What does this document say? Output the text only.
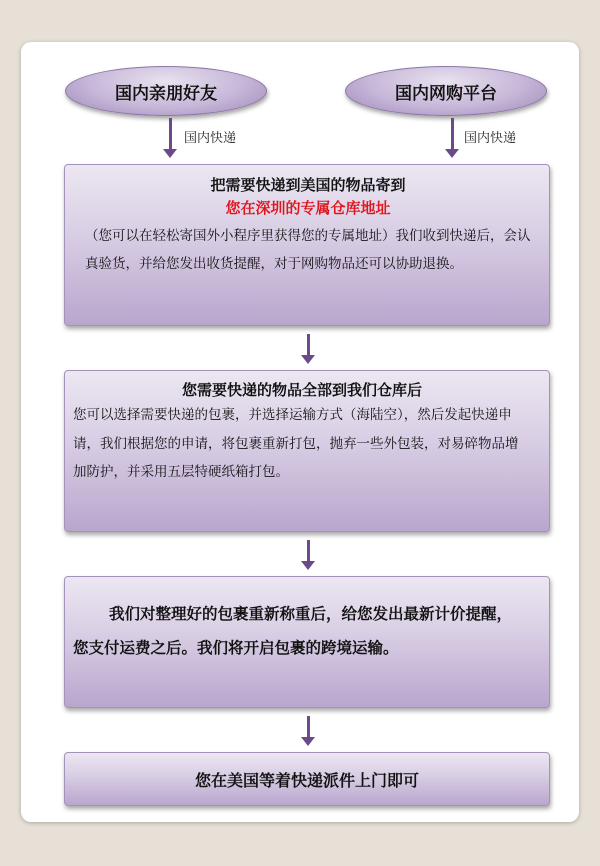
国内亲朋好友	国内网购平台
国内快递	国内快递
把需要快递到美国的物品寄到
您在深圳的专属仓库地址
（您可以在轻松寄国外小程序里获得您的专属地址）我们收到快递后，会认真验货，并给您发出收货提醒，对于网购物品还可以协助退换。
您需要快递的物品全部到我们仓库后
您可以选择需要快递的包裹，并选择运输方式（海陆空），然后发起快递申请，我们根据您的申请，将包裹重新打包，抛弃一些外包装，对易碎物品增加防护，并采用五层特硬纸箱打包。
我们对整理好的包裹重新称重后，给您发出最新计价提醒，您支付运费之后。我们将开启包裹的跨境运输。
您在美国等着快递派件上门即可
